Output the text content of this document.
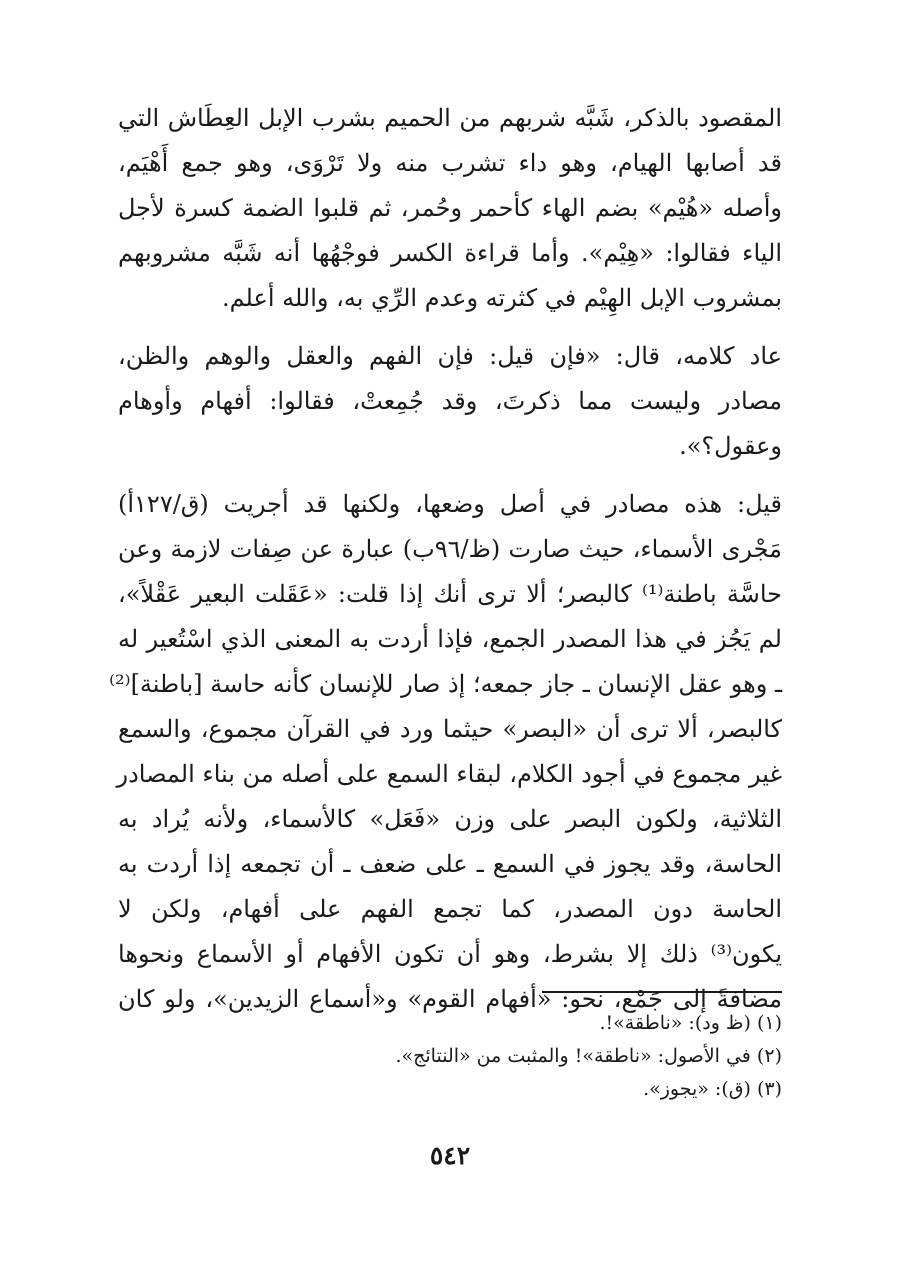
المقصود بالذكر، شَبَّه شربهم من الحميم بشرب الإبل العِطَاش التي
قد أصابها الهيام، وهو داء تشرب منه ولا تَرْوَى، وهو جمع أَهْيَم،
وأصله «هُيْم» بضم الهاء كأحمر وحُمر، ثم قلبوا الضمة كسرة لأجل
الياء فقالوا: «هِيْم». وأما قراءة الكسر فوجْهُها أنه شَبَّه مشروبهم
بمشروب الإبل الهِيْم في كثرته وعدم الرِّي به، والله أعلم.
عاد كلامه، قال: «فإن قيل: فإن الفهم والعقل والوهم والظن،
مصادر وليست مما ذكرتَ، وقد جُمِعتْ، فقالوا: أفهام وأوهام
وعقول؟».
قيل: هذه مصادر في أصل وضعها، ولكنها قد أجريت (ق/١٢٧أ)
مَجْرى الأسماء، حيث صارت (ظ/٩٦ب) عبارة عن صِفات لازمة وعن
حاسَّة باطنة⁽¹⁾ كالبصر؛ ألا ترى أنك إذا قلت: «عَقَلت البعير عَقْلاً»،
لم يَجُز في هذا المصدر الجمع، فإذا أردت به المعنى الذي اسْتُعير له
ـ وهو عقل الإنسان ـ جاز جمعه؛ إذ صار للإنسان كأنه حاسة [باطنة]⁽²⁾
كالبصر، ألا ترى أن «البصر» حيثما ورد في القرآن مجموع، والسمع
غير مجموع في أجود الكلام، لبقاء السمع على أصله من بناء المصادر
الثلاثية، ولكون البصر على وزن «فَعَل» كالأسماء، ولأنه يُراد به
الحاسة، وقد يجوز في السمع ـ على ضعف ـ أن تجمعه إذا أردت به
الحاسة دون المصدر، كما تجمع الفهم على أفهام، ولكن لا
يكون⁽³⁾ ذلك إلا بشرط، وهو أن تكون الأفهام أو الأسماع ونحوها
مضافةً إلى جَمْع، نحو: «أفهام القوم» و«أسماع الزيدين»، ولو كان
(١) (ظ ود): «ناطقة»!.
(٢) في الأصول: «ناطقة»! والمثبت من «النتائج».
(٣) (ق): «يجوز».
٥٤٢
